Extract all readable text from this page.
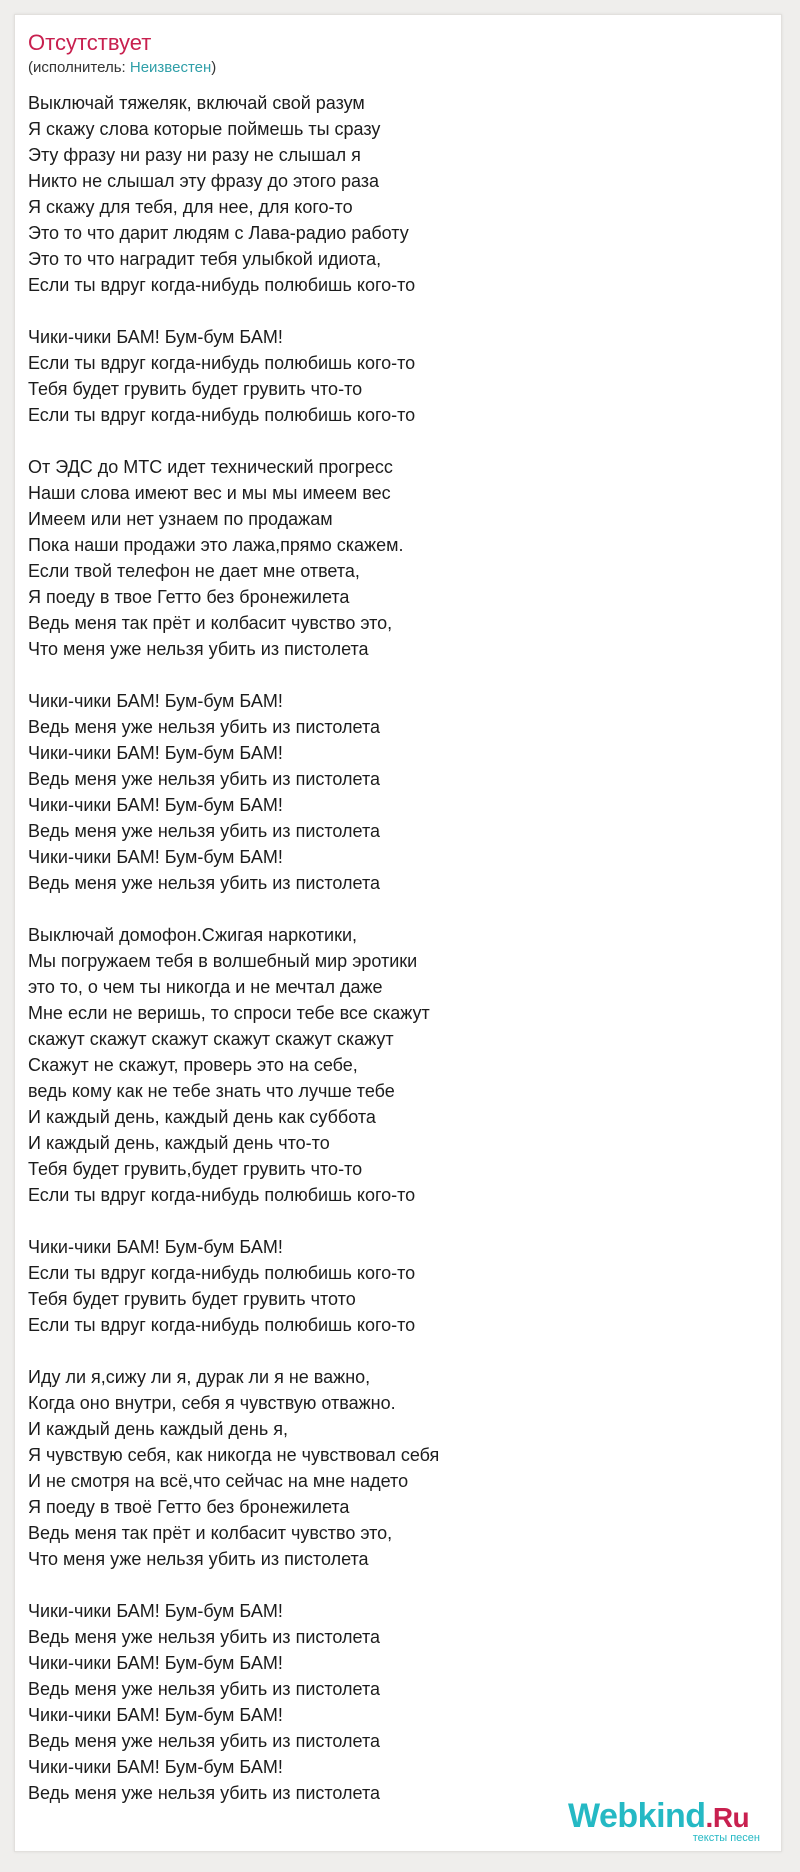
Отсутствует
(исполнитель: Неизвестен)
Выключай тяжеляк, включай свой разум
Я скажу слова которые поймешь ты сразу
Эту фразу ни разу ни разу не слышал я
Никто не слышал эту фразу до этого раза
Я скажу для тебя, для нее, для кого-то
Это то что дарит людям с Лава-радио работу
Это то что наградит тебя улыбкой идиота,
Если ты вдруг когда-нибудь полюбишь кого-то
Чики-чики БАМ! Бум-бум БАМ!
Если ты вдруг когда-нибудь полюбишь кого-то
Тебя будет грувить будет грувить что-то
Если ты вдруг когда-нибудь полюбишь кого-то
От ЭДС до МТС идет технический прогресс
Наши слова имеют вес и мы мы имеем вес
Имеем или нет узнаем по продажам
Пока наши продажи это лажа,прямо скажем.
Если твой телефон не дает мне ответа,
Я поеду в твое Гетто без бронежилета
Ведь меня так прёт и колбасит чувство это,
Что меня уже нельзя убить из пистолета
Чики-чики БАМ! Бум-бум БАМ!
Ведь меня уже нельзя убить из пистолета
Чики-чики БАМ! Бум-бум БАМ!
Ведь меня уже нельзя убить из пистолета
Чики-чики БАМ! Бум-бум БАМ!
Ведь меня уже нельзя убить из пистолета
Чики-чики БАМ! Бум-бум БАМ!
Ведь меня уже нельзя убить из пистолета
Выключай домофон.Сжигая наркотики,
Мы погружаем тебя в волшебный мир эротики
это то, о чем ты никогда и не мечтал даже
Мне если не веришь, то спроси тебе все скажут
скажут скажут скажут скажут скажут скажут
Скажут не скажут, проверь это на себе,
ведь кому как не тебе знать что лучше тебе
И каждый день, каждый день как суббота
И каждый день, каждый день что-то
Тебя будет грувить,будет грувить что-то
Если ты вдруг когда-нибудь полюбишь кого-то
Чики-чики БАМ! Бум-бум БАМ!
Если ты вдруг когда-нибудь полюбишь кого-то
Тебя будет грувить будет грувить чтото
Если ты вдруг когда-нибудь полюбишь кого-то
Иду ли я,сижу ли я, дурак ли я не важно,
Когда оно внутри, себя я чувствую отважно.
И каждый день каждый день я,
Я чувствую себя, как никогда не чувствовал себя
И не смотря на всё,что сейчас на мне надето
Я поеду в твоё Гетто без бронежилета
Ведь меня так прёт и колбасит чувство это,
Что меня уже нельзя убить из пистолета
Чики-чики БАМ! Бум-бум БАМ!
Ведь меня уже нельзя убить из пистолета
Чики-чики БАМ! Бум-бум БАМ!
Ведь меня уже нельзя убить из пистолета
Чики-чики БАМ! Бум-бум БАМ!
Ведь меня уже нельзя убить из пистолета
Чики-чики БАМ! Бум-бум БАМ!
Ведь меня уже нельзя убить из пистолета
Webkind.Ru
тексты песен
